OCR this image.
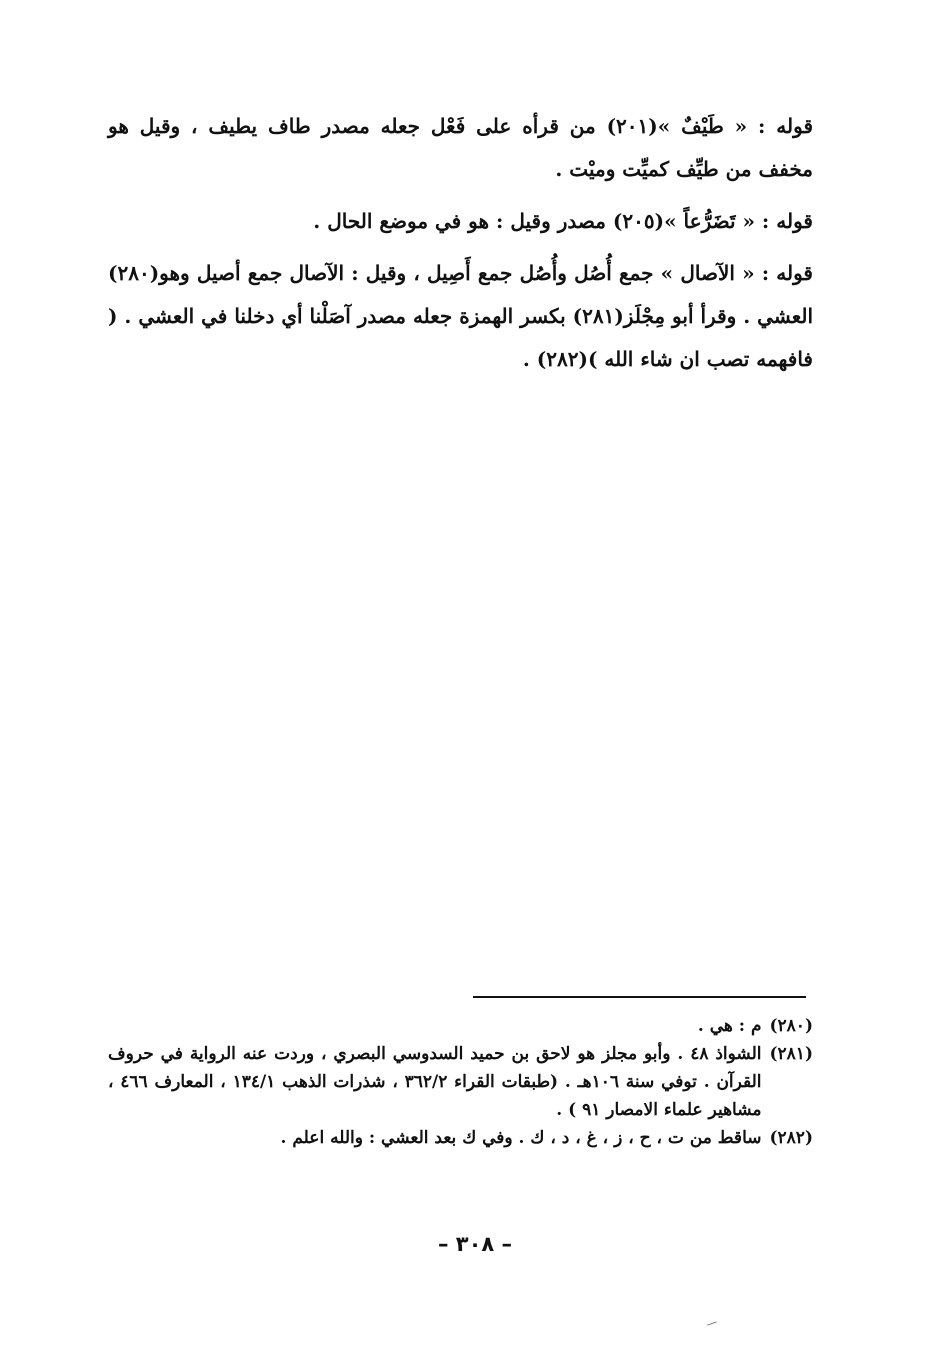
قوله : « طَيْفٌ »(٢٠١) من قرأه على فَعْل جعله مصدر طاف يطيف ، وقيل هو مخفف من طيِّف كميِّت وميْت .

قوله : « تَضَرُّعاً »(٢٠٥) مصدر وقيل : هو في موضع الحال .

قوله : « الآصال » جمع أُصُل وأُصُل جمع أَصِيل ، وقيل : الآصال جمع أصيل وهو(٢٨٠) العشي . وقرأ أبو مِجْلَز(٢٨١) بكسر الهمزة جعله مصدر آصَلْنا أي دخلنا في العشي . ( فافهمه تصب ان شاء الله )(٢٨٢) .

(٢٨٠)
م : هي .
(٢٨١)
الشواذ ٤٨ . وأبو مجلز هو لاحق بن حميد السدوسي البصري ، وردت عنه الرواية في حروف القرآن . توفي سنة ١٠٦هـ . (طبقات القراء ٣٦٢/٢ ، شذرات الذهب ١٣٤/١ ، المعارف ٤٦٦ ، مشاهير علماء الامصار ٩١ ) .
(٢٨٢)
ساقط من ت ، ح ، ز ، غ ، د ، ك . وفي ك بعد العشي : والله اعلم .
– ٣٠٨ –
